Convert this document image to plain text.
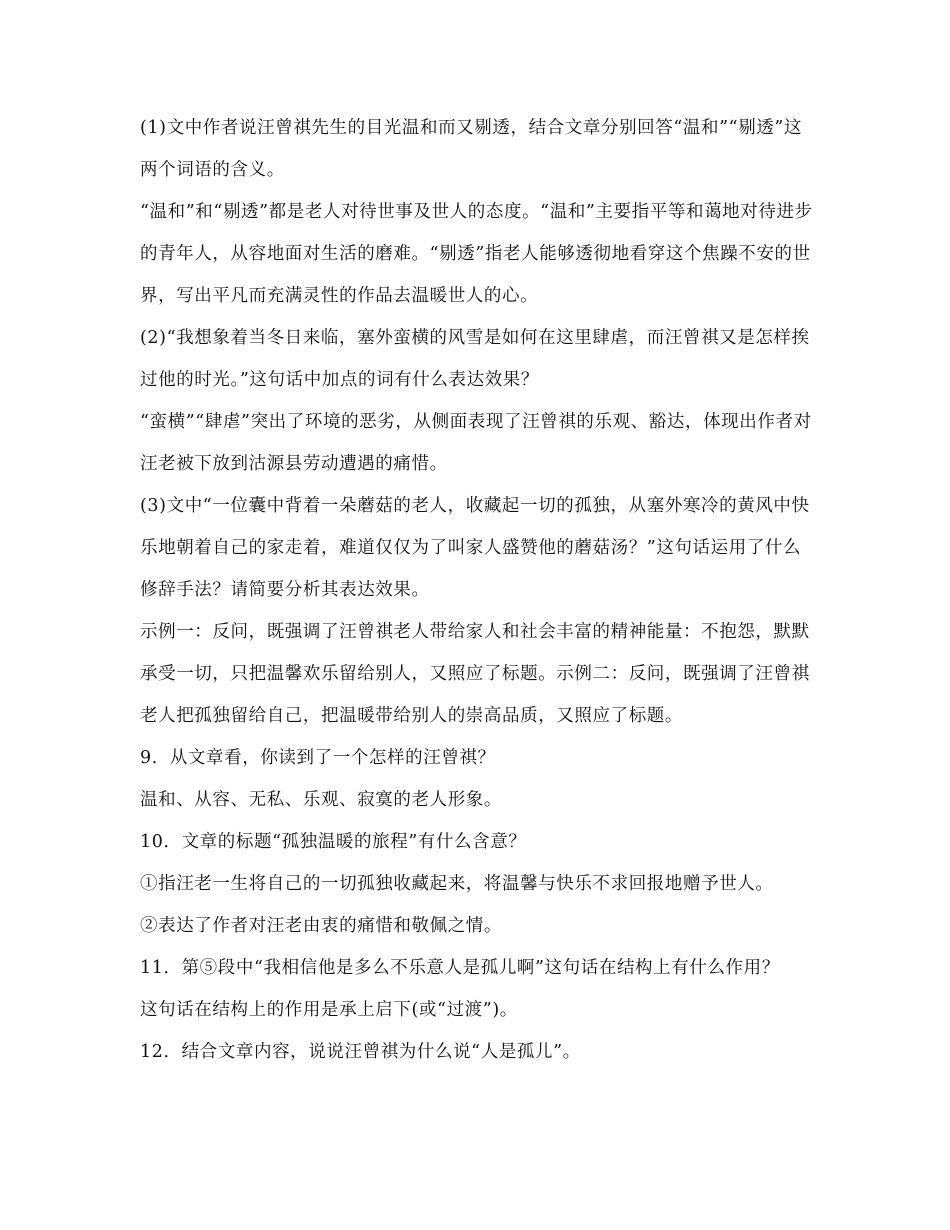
(1)文中作者说汪曾祺先生的目光温和而又剔透，结合文章分别回答“温和”“剔透”这两个词语的含义。

“温和”和“剔透”都是老人对待世事及世人的态度。“温和”主要指平等和蔼地对待进步的青年人，从容地面对生活的磨难。“剔透”指老人能够透彻地看穿这个焦躁不安的世界，写出平凡而充满灵性的作品去温暖世人的心。

(2)“我想象着当冬日来临，塞外蛮横的风雪是如何在这里肆虐，而汪曾祺又是怎样挨过他的时光。”这句话中加点的词有什么表达效果？

“蛮横”“肆虐”突出了环境的恶劣，从侧面表现了汪曾祺的乐观、豁达，体现出作者对汪老被下放到沽源县劳动遭遇的痛惜。

(3)文中“一位囊中背着一朵蘑菇的老人，收藏起一切的孤独，从塞外寒冷的黄风中快乐地朝着自己的家走着，难道仅仅为了叫家人盛赞他的蘑菇汤？”这句话运用了什么修辞手法？请简要分析其表达效果。

示例一：反问，既强调了汪曾祺老人带给家人和社会丰富的精神能量：不抱怨，默默承受一切，只把温馨欢乐留给别人，又照应了标题。示例二：反问，既强调了汪曾祺老人把孤独留给自己，把温暖带给别人的崇高品质，又照应了标题。

9．从文章看，你读到了一个怎样的汪曾祺？

温和、从容、无私、乐观、寂寞的老人形象。

10．文章的标题“孤独温暖的旅程”有什么含意？

①指汪老一生将自己的一切孤独收藏起来，将温馨与快乐不求回报地赠予世人。

②表达了作者对汪老由衷的痛惜和敬佩之情。

11．第⑤段中“我相信他是多么不乐意人是孤儿啊”这句话在结构上有什么作用？

这句话在结构上的作用是承上启下(或“过渡”)。

12．结合文章内容，说说汪曾祺为什么说“人是孤儿”。
